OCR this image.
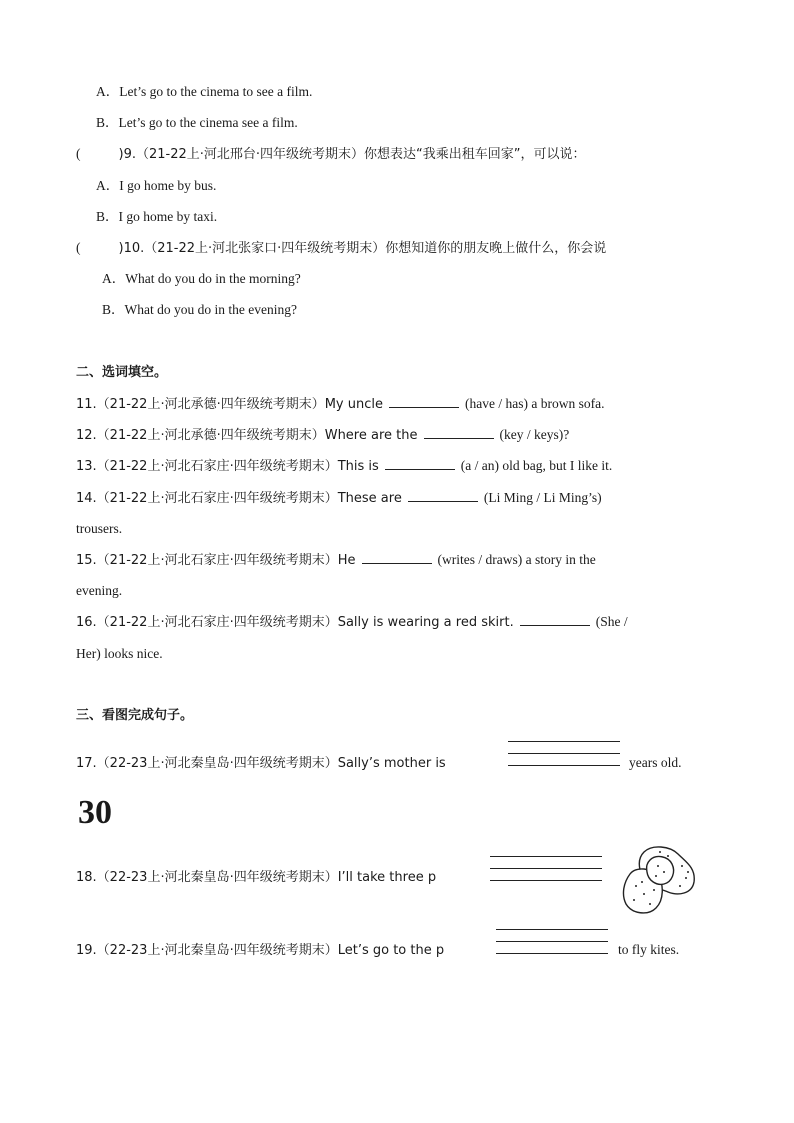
A．Let’s go to the cinema to see a film.
B．Let’s go to the cinema see a film.
(	)9.（21-22上·河北邢台·四年级统考期末）你想表达“我乘出租车回家”，可以说：
A．I go home by bus.
B．I go home by taxi.
(	)10.（21-22上·河北张家口·四年级统考期末）你想知道你的朋友晚上做什么，你会说
A．What do you do in the morning?
B．What do you do in the evening?
二、选词填空。
11.（21-22上·河北承德·四年级统考期末）My uncle	(have / has) a brown sofa.
12.（21-22上·河北承德·四年级统考期末）Where are the	(key / keys)?
13.（21-22上·河北石家庄·四年级统考期末）This is	(a / an) old bag, but I like it.
14.（21-22上·河北石家庄·四年级统考期末）These are	(Li Ming / Li Ming’s)
trousers.
15.（21-22上·河北石家庄·四年级统考期末）He	(writes / draws) a story in the
evening.
16.（21-22上·河北石家庄·四年级统考期末）Sally is wearing a red skirt.	(She /
Her) looks nice.
三、看图完成句子。
17.（22-23上·河北秦皇岛·四年级统考期末）Sally’s mother is	years old.
30
18.（22-23上·河北秦皇岛·四年级统考期末）I’ll take three p
19.（22-23上·河北秦皇岛·四年级统考期末）Let’s go to the p	to fly kites.
